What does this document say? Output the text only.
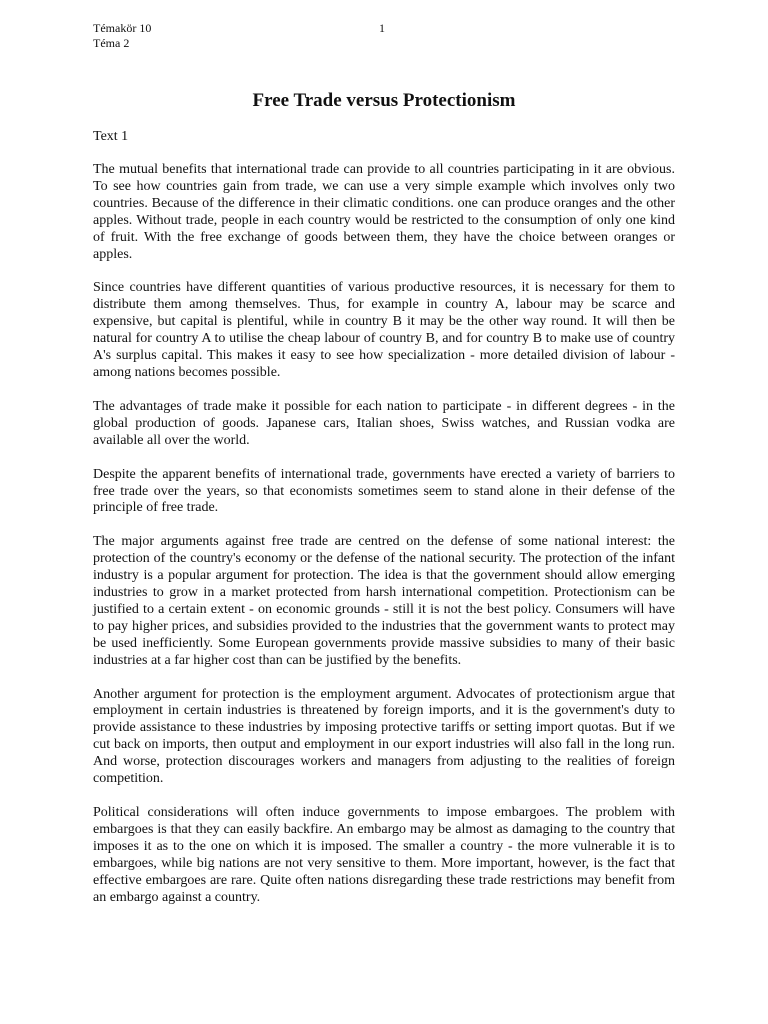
Témakör 10
Téma 2
1
Free Trade versus Protectionism

Text 1

The mutual benefits that international trade can provide to all countries participating in it are obvious. To see how countries gain from trade, we can use a very simple example which involves only two countries. Because of the difference in their climatic conditions. one can produce oranges and the other apples. Without trade, people in each country would be restricted to the consumption of only one kind of fruit. With the free exchange of goods between them, they have the choice between oranges or apples.

Since countries have different quantities of various productive resources, it is necessary for them to distribute them among themselves. Thus, for example in country A, labour may be scarce and expensive, but capital is plentiful, while in country B it may be the other way round. It will then be natural for country A to utilise the cheap labour of country B, and for country B to make use of country A's surplus capital. This makes it easy to see how specialization - more detailed division of labour - among nations becomes possible.

The advantages of trade make it possible for each nation to participate - in different degrees - in the global production of goods. Japanese cars, Italian shoes, Swiss watches, and Russian vodka are available all over the world.

Despite the apparent benefits of international trade, governments have erected a variety of barriers to free trade over the years, so that economists sometimes seem to stand alone in their defense of the principle of free trade.

The major arguments against free trade are centred on the defense of some national interest: the protection of the country's economy or the defense of the national security. The protection of the infant industry is a popular argument for protection. The idea is that the government should allow emerging industries to grow in a market protected from harsh international competition. Protectionism can be justified to a certain extent - on economic grounds - still it is not the best policy. Consumers will have to pay higher prices, and subsidies provided to the industries that the government wants to protect may be used inefficiently. Some European governments provide massive subsidies to many of their basic industries at a far higher cost than can be justified by the benefits.

Another argument for protection is the employment argument. Advocates of protectionism argue that employment in certain industries is threatened by foreign imports, and it is the government's duty to provide assistance to these industries by imposing protective tariffs or setting import quotas. But if we cut back on imports, then output and employment in our export industries will also fall in the long run. And worse, protection discourages workers and managers from adjusting to the realities of foreign competition.

Political considerations will often induce governments to impose embargoes. The problem with embargoes is that they can easily backfire. An embargo may be almost as damaging to the country that imposes it as to the one on which it is imposed. The smaller a country - the more vulnerable it is to embargoes, while big nations are not very sensitive to them. More important, however, is the fact that effective embargoes are rare. Quite often nations disregarding these trade restrictions may benefit from an embargo against a country.
